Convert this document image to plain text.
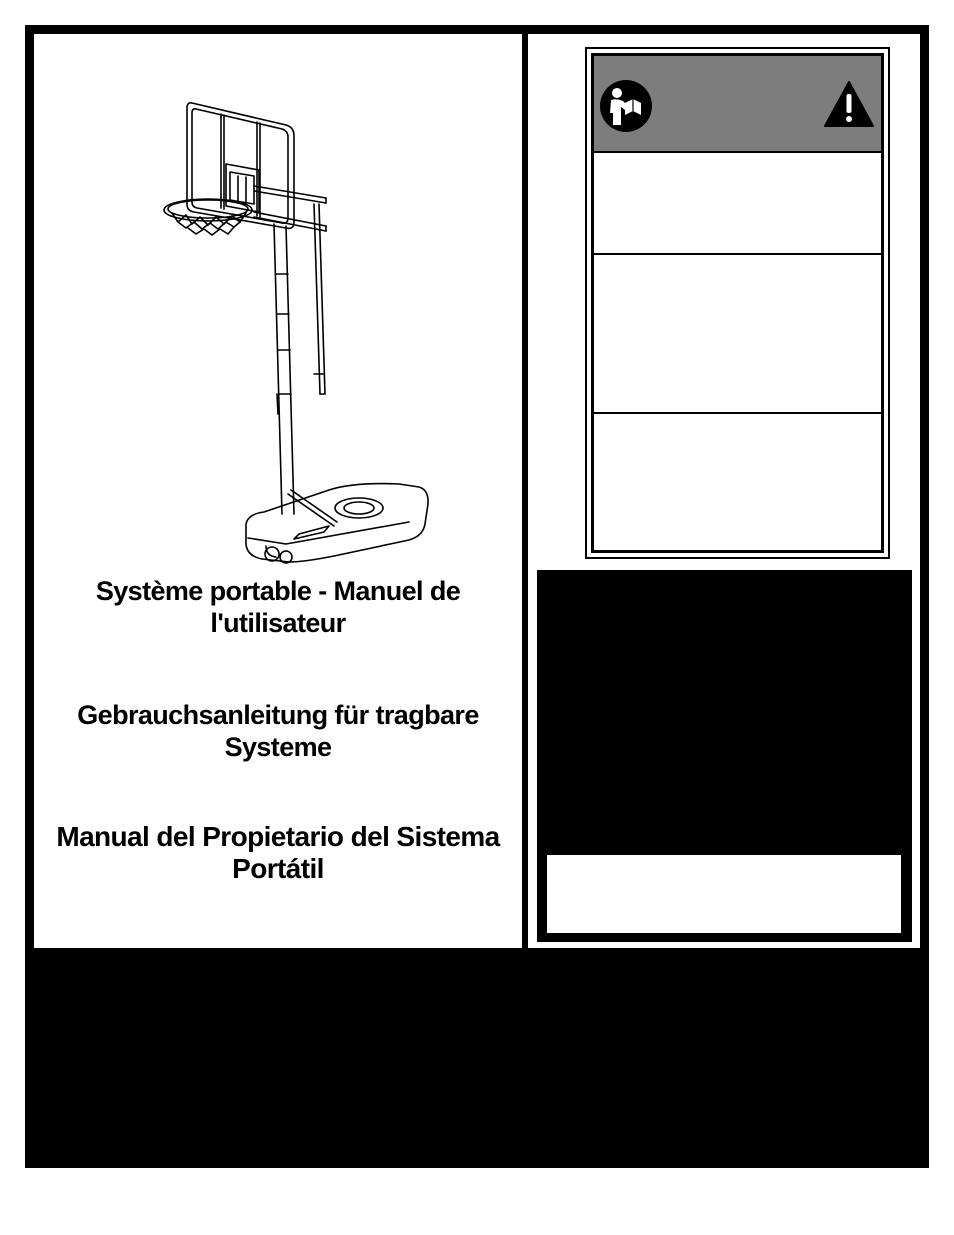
Système portable - Manuel de
l'utilisateur
Gebrauchsanleitung für tragbare
Systeme
Manual del Propietario del Sistema
Portátil
